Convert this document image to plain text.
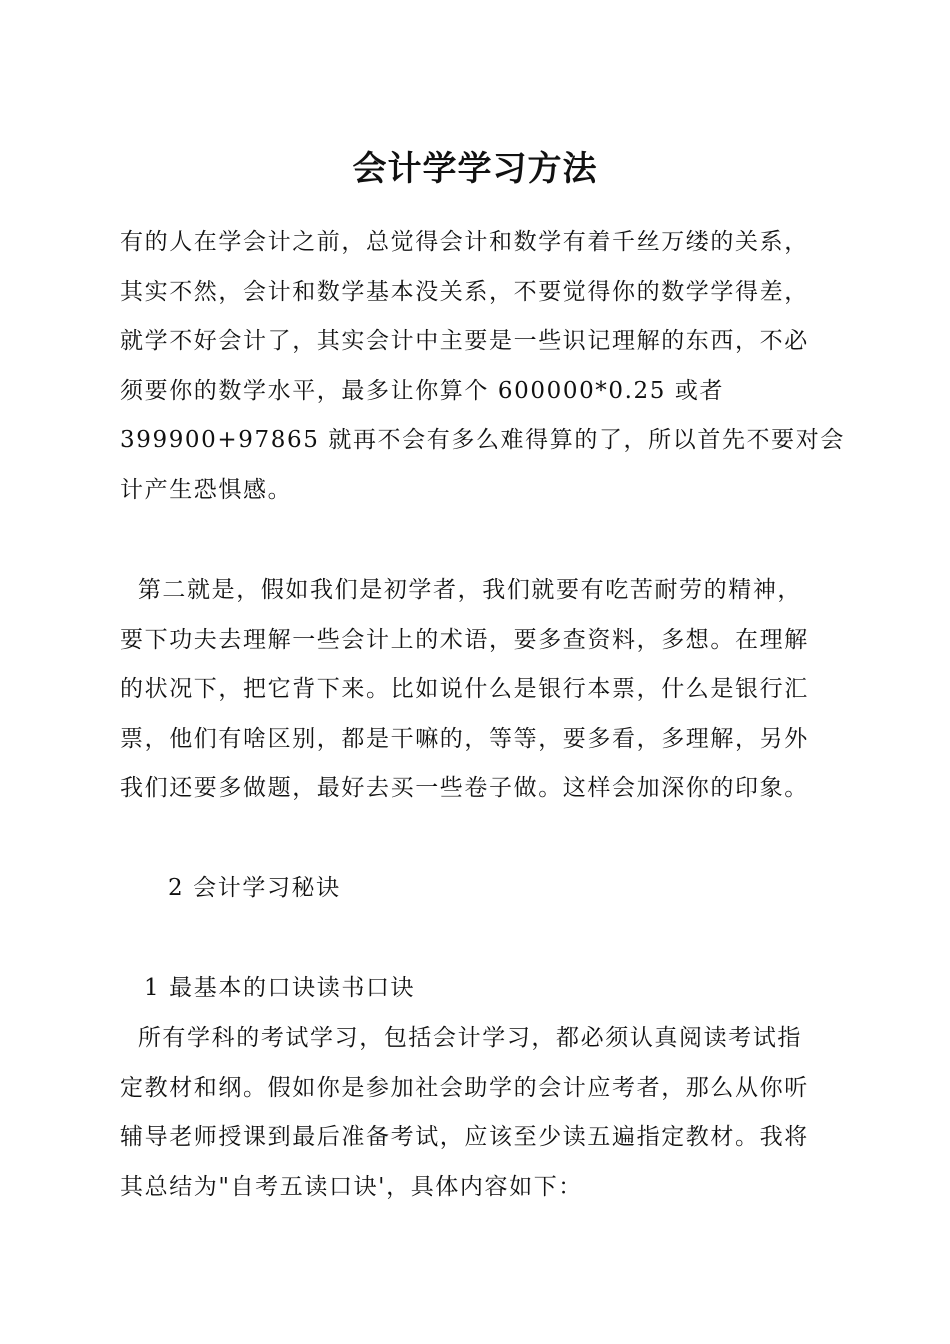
会计学学习方法
有的人在学会计之前，总觉得会计和数学有着千丝万缕的关系，
其实不然，会计和数学基本没关系，不要觉得你的数学学得差，
就学不好会计了，其实会计中主要是一些识记理解的东西，不必
须要你的数学水平，最多让你算个 600000*0.25 或者
399900+97865 就再不会有多么难得算的了，所以首先不要对会
计产生恐惧感。
第二就是，假如我们是初学者，我们就要有吃苦耐劳的精神，
要下功夫去理解一些会计上的术语，要多查资料，多想。在理解
的状况下，把它背下来。比如说什么是银行本票，什么是银行汇
票，他们有啥区别，都是干嘛的，等等，要多看，多理解，另外
我们还要多做题，最好去买一些卷子做。这样会加深你的印象。
2 会计学习秘诀
1 最基本的口诀读书口诀
所有学科的考试学习，包括会计学习，都必须认真阅读考试指
定教材和纲。假如你是参加社会助学的会计应考者，那么从你听
辅导老师授课到最后准备考试，应该至少读五遍指定教材。我将
其总结为"自考五读口诀'，具体内容如下：
